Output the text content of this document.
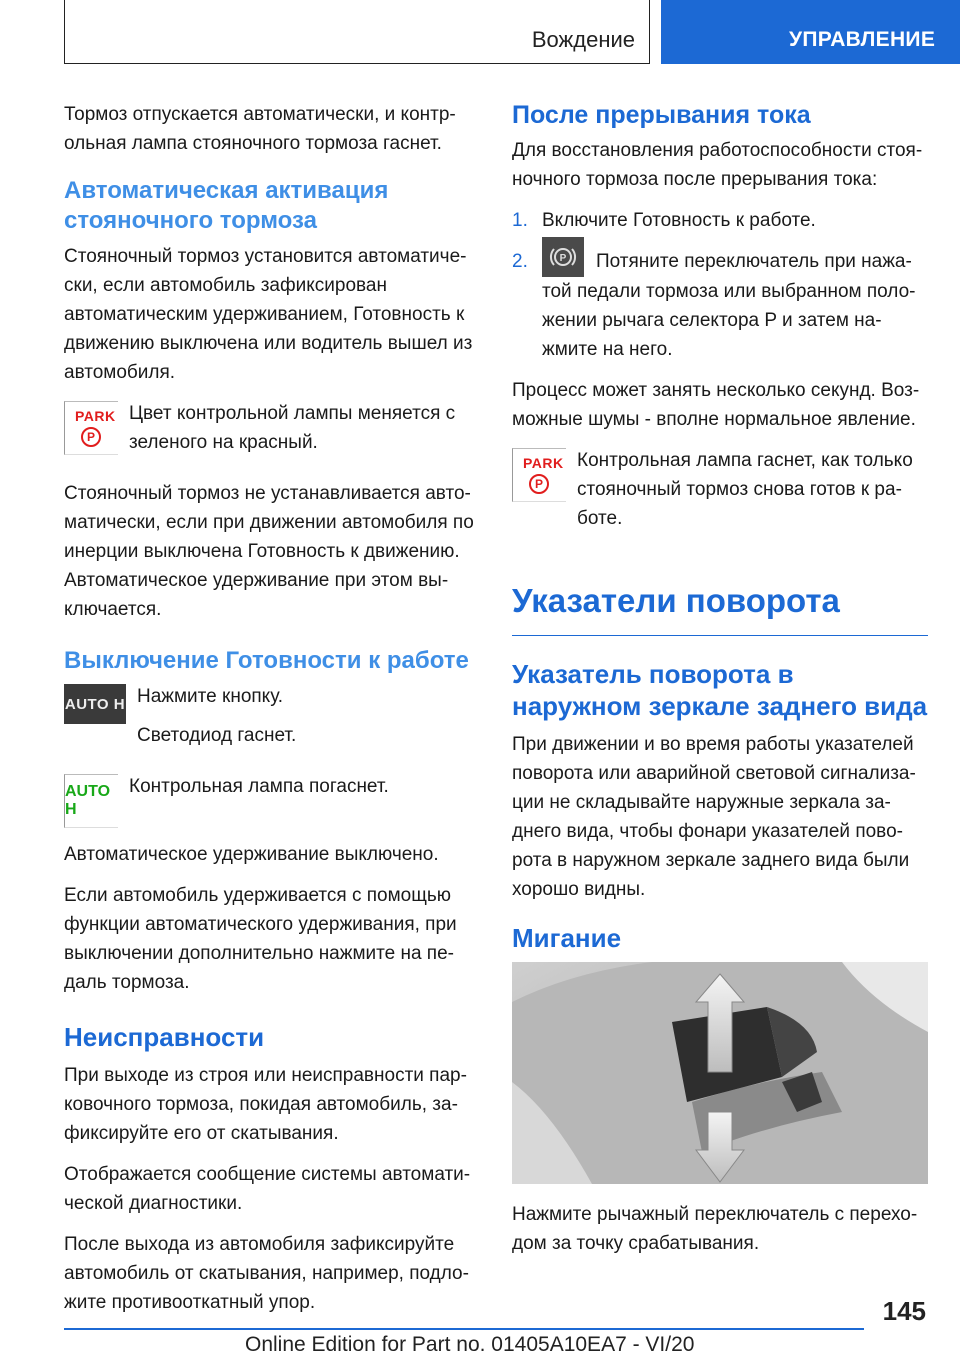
Вождение	УПРАВЛЕНИЕ

Тормоз отпускается автоматически, и контрольная лампа стояночного тормоза гаснет.

Автоматическая активация стояночного тормоза

Стояночный тормоз установится автоматически, если автомобиль зафиксирован автоматическим удерживанием, Готовность к движению выключена или водитель вышел из автомобиля.

PARK
P

Цвет контрольной лампы меняется с зеленого на красный.

Стояночный тормоз не устанавливается автоматически, если при движении автомобиля по инерции выключена Готовность к движению. Автоматическое удерживание при этом выключается.

Выключение Готовности к работе
AUTO H Нажмите кнопку.

Светодиод гаснет.

AUTO H

Контрольная лампа погаснет.

Автоматическое удерживание выключено.

Если автомобиль удерживается с помощью функции автоматического удерживания, при выключении дополнительно нажмите на педаль тормоза.

Неисправности

При выходе из строя или неисправности парковочного тормоза, покидая автомобиль, зафиксируйте его от скатывания.

Отображается сообщение системы автоматической диагностики.

После выхода из автомобиля зафиксируйте автомобиль от скатывания, например, подложите противооткатный упор.

После прерывания тока

Для восстановления работоспособности стояночного тормоза после прерывания тока:

1. Включите Готовность к работе.
2.	P Потяните переключатель при нажатой педали тормоза или выбранном положении рычага селектора P и затем нажмите на него.

Процесс может занять несколько секунд. Возможные шумы - вполне нормальное явление.

PARK
P

Контрольная лампа гаснет, как только стояночный тормоз снова готов к работе.

Указатели поворота
Указатель поворота в наружном зеркале заднего вида

При движении и во время работы указателей поворота или аварийной световой сигнализации не складывайте наружные зеркала заднего вида, чтобы фонари указателей поворота в наружном зеркале заднего вида были хорошо видны.

Мигание

Нажмите рычажный переключатель с переходом за точку срабатывания.

145
Online Edition for Part no. 01405A10EA7 - VI/20
